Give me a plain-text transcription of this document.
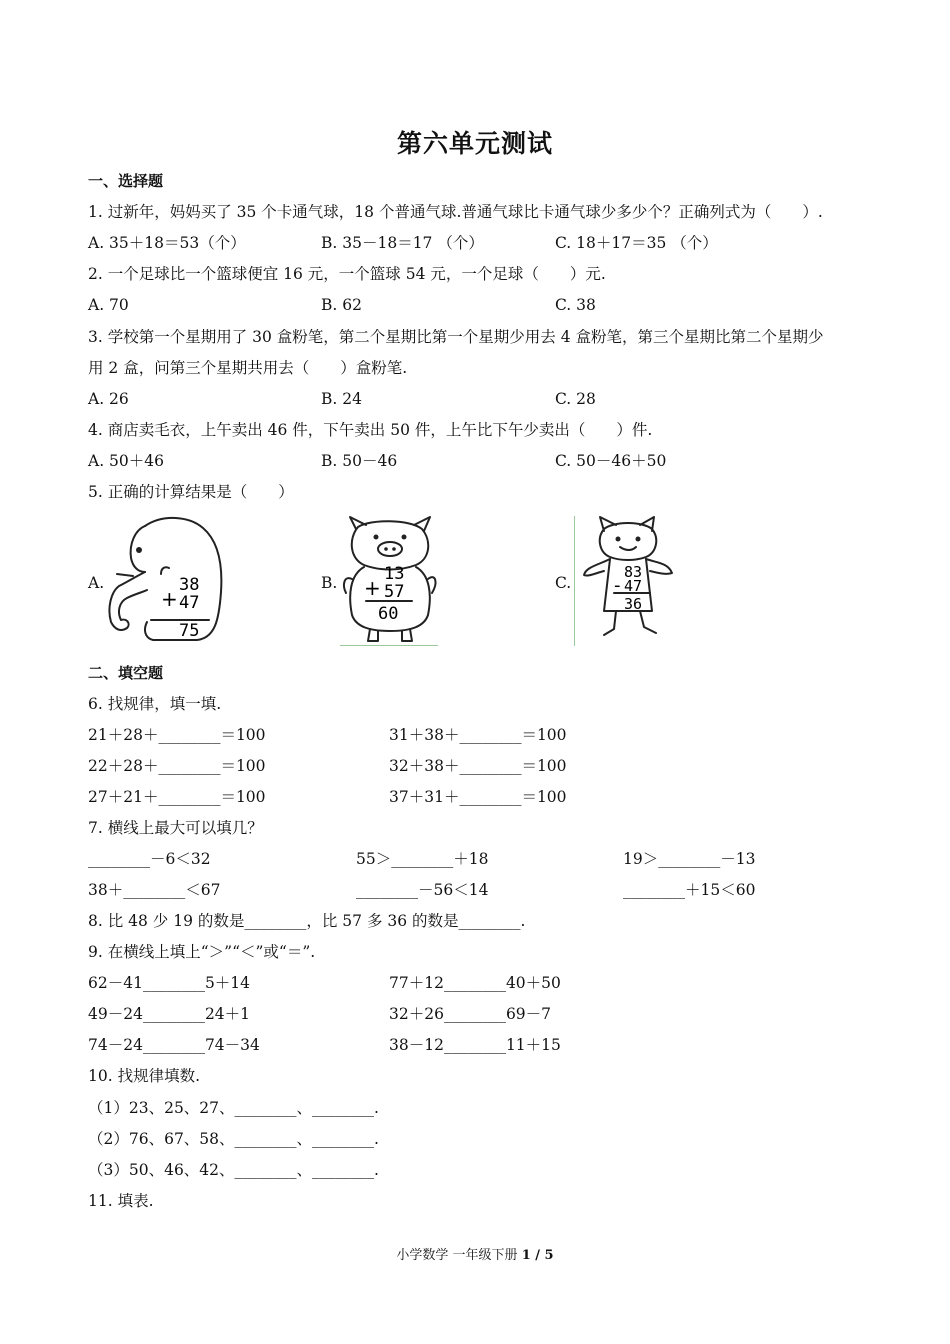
第六单元测试
一、选择题
1. 过新年，妈妈买了 35 个卡通气球，18 个普通气球.普通气球比卡通气球少多少个？正确列式为（　　）.
A. 35＋18＝53（个）	B. 35－18＝17 （个）	C. 18＋17＝35 （个）
2. 一个足球比一个篮球便宜 16 元，一个篮球 54 元，一个足球（　　）元.
A. 70	B. 62	C. 38
3. 学校第一个星期用了 30 盒粉笔，第二个星期比第一个星期少用去 4 盒粉笔，第三个星期比第二个星期少
用 2 盒，问第三个星期共用去（　　）盒粉笔.
A. 26	B. 24	C. 28
4. 商店卖毛衣，上午卖出 46 件，下午卖出 50 件，上午比下午少卖出（　　）件.
A. 50＋46	B. 50－46	C. 50－46＋50
5. 正确的计算结果是（　　）
A.	B.	C.
38
+ 47
75
13
+ 57
60
83
- 47
36
二、填空题
6. 找规律，填一填.
21＋28＋________＝100	31＋38＋________＝100
22＋28＋________＝100	32＋38＋________＝100
27＋21＋________＝100	37＋31＋________＝100
7. 横线上最大可以填几？
________－6＜32	55＞________＋18	19＞________－13
38＋________＜67	________－56＜14	________＋15＜60
8. 比 48 少 19 的数是________，比 57 多 36 的数是________.
9. 在横线上填上“＞”“＜”或“＝”.
62－41________5＋14	77＋12________40＋50
49－24________24＋1	32＋26________69－7
74－24________74－34	38－12________11＋15
10. 找规律填数.
（1）23、25、27、________、________.
（2）76、67、58、________、________.
（3）50、46、42、________、________.
11. 填表.
小学数学 一年级下册 1 / 5
